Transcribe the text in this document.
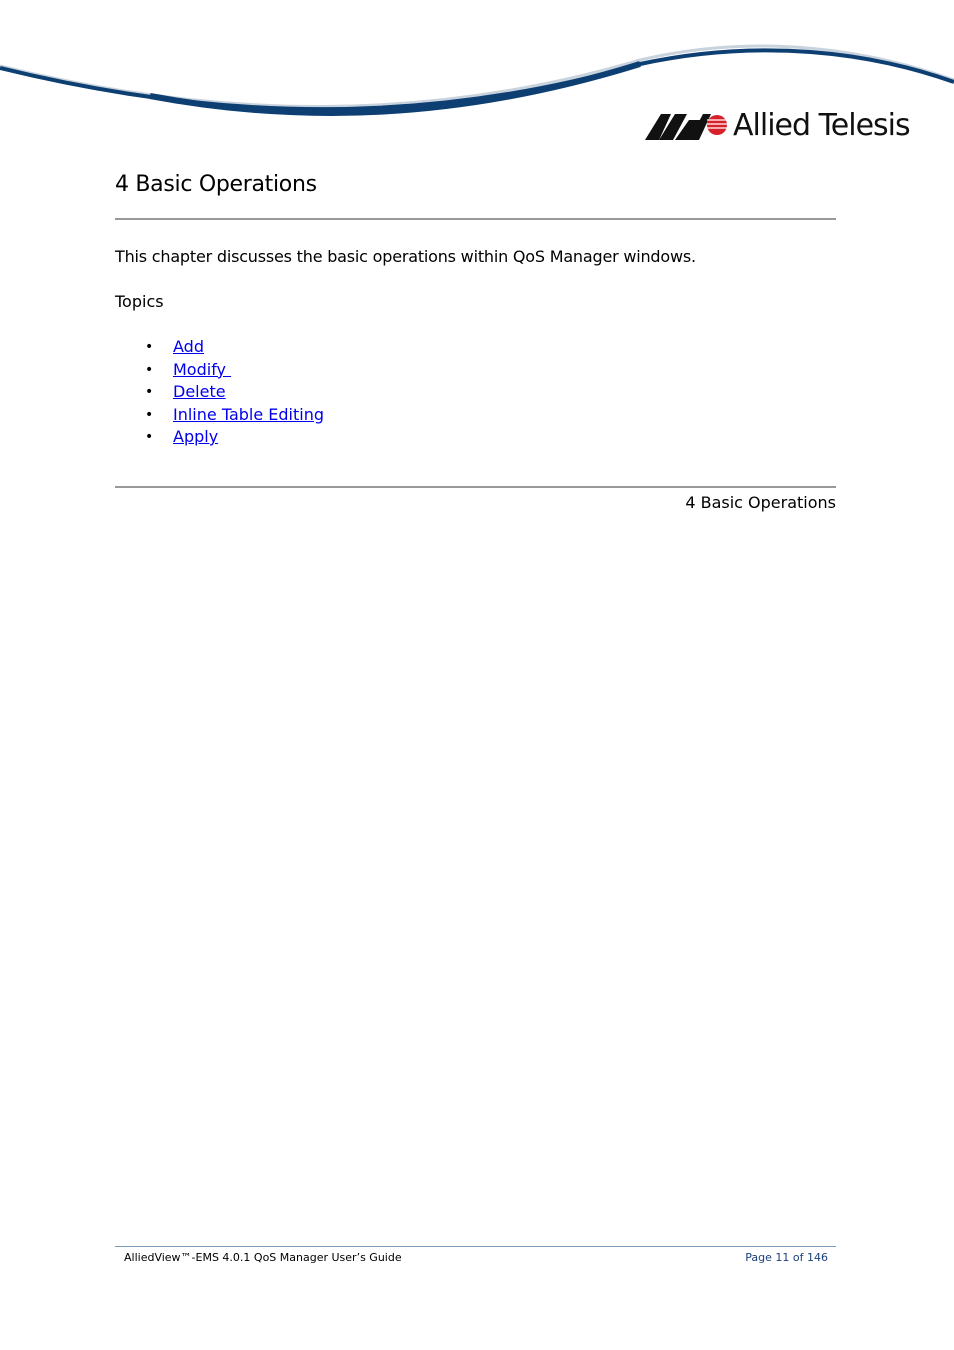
Allied Telesis
4 Basic Operations
This chapter discusses the basic operations within QoS Manager windows.
Topics
• Add
• Modify
• Delete
• Inline Table Editing
• Apply
4 Basic Operations
AlliedView™-EMS 4.0.1 QoS Manager User’s Guide	Page 11 of 146
